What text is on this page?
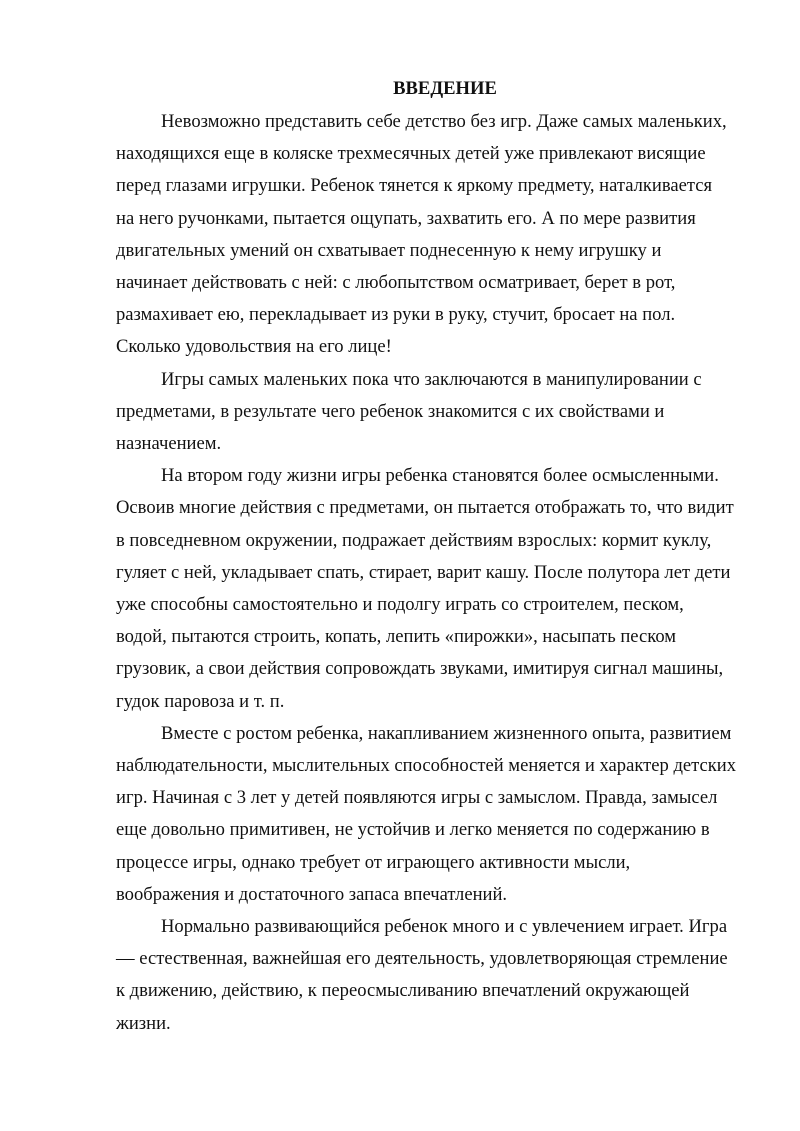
ВВЕДЕНИЕ
Невозможно представить себе детство без игр. Даже самых маленьких,
находящихся еще в коляске трехмесячных детей уже привлекают висящие
перед глазами игрушки. Ребенок тянется к яркому предмету, наталкивается
на него ручонками, пытается ощупать, захватить его. А по мере развития
двигательных умений он схватывает поднесенную к нему игрушку и
начинает действовать с ней: с любопытством осматривает, берет в рот,
размахивает ею, перекладывает из руки в руку, стучит, бросает на пол.
Сколько удовольствия на его лице!
Игры самых маленьких пока что заключаются в манипулировании с
предметами, в результате чего ребенок знакомится с их свойствами и
назначением.
На втором году жизни игры ребенка становятся более осмысленными.
Освоив многие действия с предметами, он пытается отображать то, что видит
в повседневном окружении, подражает действиям взрослых: кормит куклу,
гуляет с ней, укладывает спать, стирает, варит кашу. После полутора лет дети
уже способны самостоятельно и подолгу играть со строителем, песком,
водой, пытаются строить, копать, лепить «пирожки», насыпать песком
грузовик, а свои действия сопровождать звуками, имитируя сигнал машины,
гудок паровоза и т. п.
Вместе с ростом ребенка, накапливанием жизненного опыта, развитием
наблюдательности, мыслительных способностей меняется и характер детских
игр. Начиная с 3 лет у детей появляются игры с замыслом. Правда, замысел
еще довольно примитивен, не устойчив и легко меняется по содержанию в
процессе игры, однако требует от играющего активности мысли,
воображения и достаточного запаса впечатлений.
Нормально развивающийся ребенок много и с увлечением играет. Игра
— естественная, важнейшая его деятельность, удовлетворяющая стремление
к движению, действию, к переосмысливанию впечатлений окружающей
жизни.
